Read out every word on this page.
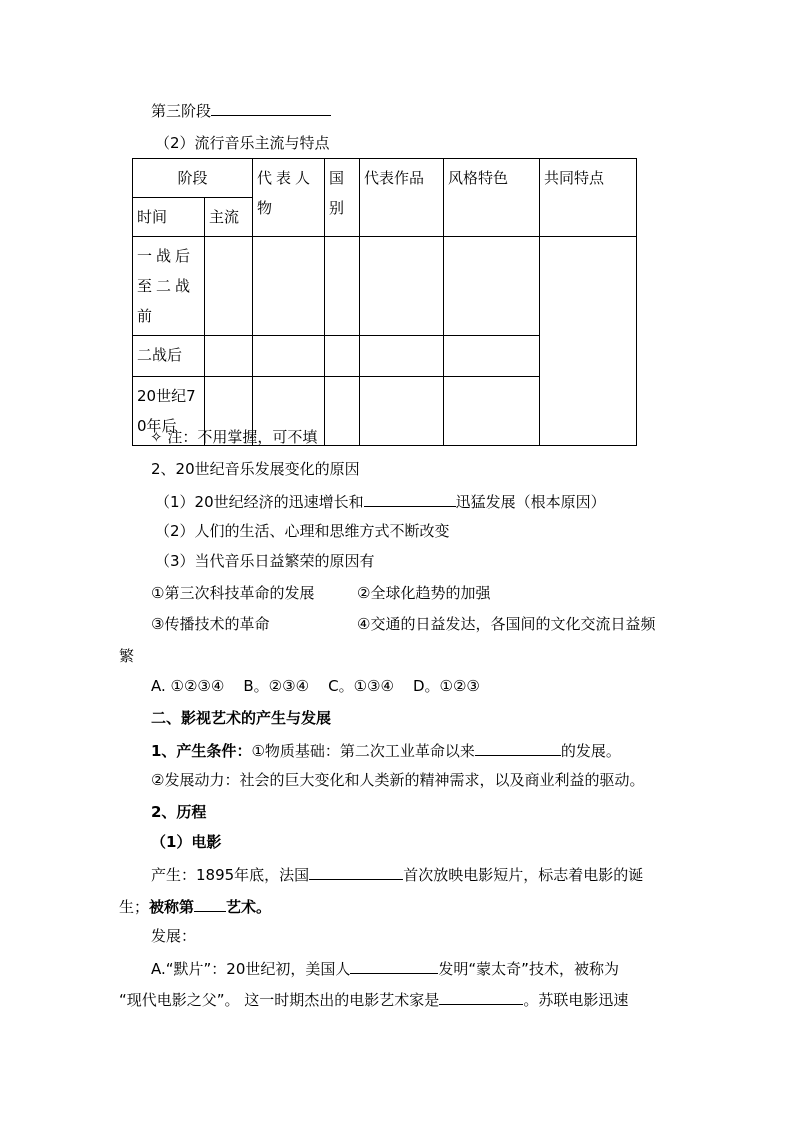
第三阶段
（2）流行音乐主流与特点
阶段		代表人物	国别	代表作品	风格特色	共同特点

时间	主流					

一战后至二战前						

二战后						

20世纪70年后						

✧ 注：不用掌握，可不填
2、20世纪音乐发展变化的原因
（1）20世纪经济的迅速增长和	迅猛发展（根本原因）
（2）人们的生活、心理和思维方式不断改变
（3）当代音乐日益繁荣的原因有
①第三次科技革命的发展	②全球化趋势的加强
③传播技术的革命	④交通的日益发达，各国间的文化交流日益频
繁
A. ①②③④    B。②③④    C。①③④    D。①②③
二、影视艺术的产生与发展
1、产生条件：①物质基础：第二次工业革命以来	的发展。
②发展动力：社会的巨大变化和人类新的精神需求，以及商业利益的驱动。
2、历程
（1）电影
产生：1895年底，法国	首次放映电影短片，标志着电影的诞
生；被称第 艺术。
发展：
A.“默片”：20世纪初，美国人	发明“蒙太奇”技术，被称为
“现代电影之父”。 这一时期杰出的电影艺术家是	。苏联电影迅速
